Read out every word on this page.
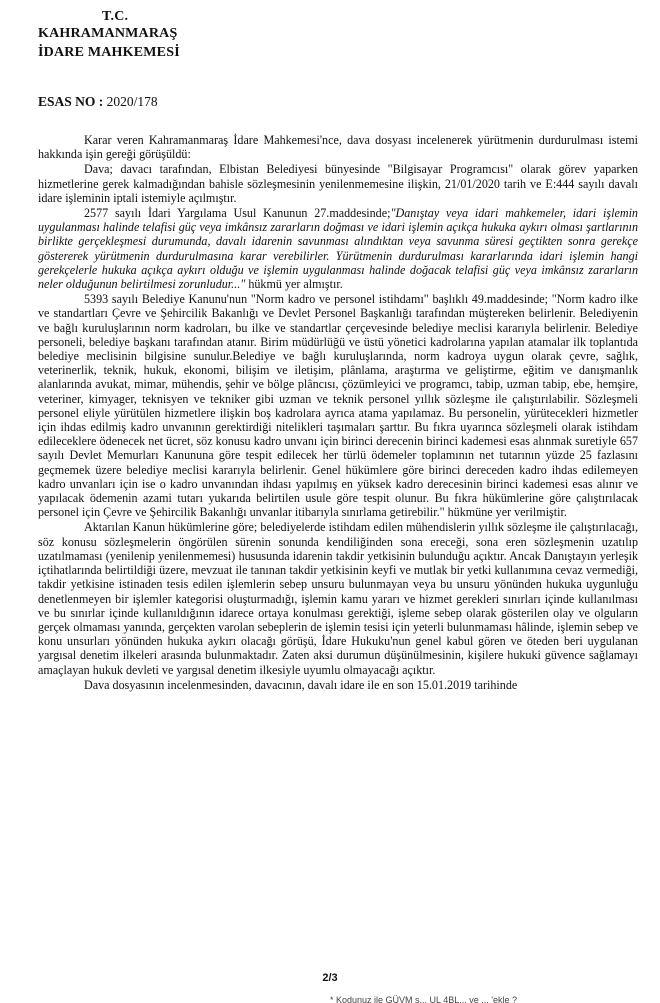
T.C.
KAHRAMANMARAŞ
İDARE MAHKEMESİ
ESAS NO : 2020/178

Karar veren Kahramanmaraş İdare Mahkemesi'nce, dava dosyası incelenerek yürütmenin durdurulması istemi hakkında işin gereği görüşüldü:

Dava; davacı tarafından, Elbistan Belediyesi bünyesinde "Bilgisayar Programcısı" olarak görev yaparken hizmetlerine gerek kalmadığından bahisle sözleşmesinin yenilenmemesine ilişkin, 21/01/2020 tarih ve E:444 sayılı davalı idare işleminin iptali istemiyle açılmıştır.

2577 sayılı İdari Yargılama Usul Kanunun 27.maddesinde;"Danıştay veya idari mahkemeler, idari işlemin uygulanması halinde telafisi güç veya imkânsız zararların doğması ve idari işlemin açıkça hukuka aykırı olması şartlarının birlikte gerçekleşmesi durumunda, davalı idarenin savunması alındıktan veya savunma süresi geçtikten sonra gerekçe göstererek yürütmenin durdurulmasına karar verebilirler. Yürütmenin durdurulması kararlarında idari işlemin hangi gerekçelerle hukuka açıkça aykırı olduğu ve işlemin uygulanması halinde doğacak telafisi güç veya imkânsız zararların neler olduğunun belirtilmesi zorunludur..." hükmü yer almıştır.

5393 sayılı Belediye Kanunu'nun "Norm kadro ve personel istihdamı" başlıklı 49.maddesinde; "Norm kadro ilke ve standartları Çevre ve Şehircilik Bakanlığı ve Devlet Personel Başkanlığı tarafından müştereken belirlenir. Belediyenin ve bağlı kuruluşlarının norm kadroları, bu ilke ve standartlar çerçevesinde belediye meclisi kararıyla belirlenir. Belediye personeli, belediye başkanı tarafından atanır. Birim müdürlüğü ve üstü yönetici kadrolarına yapılan atamalar ilk toplantıda belediye meclisinin bilgisine sunulur.Belediye ve bağlı kuruluşlarında, norm kadroya uygun olarak çevre, sağlık, veterinerlik, teknik, hukuk, ekonomi, bilişim ve iletişim, plânlama, araştırma ve geliştirme, eğitim ve danışmanlık alanlarında avukat, mimar, mühendis, şehir ve bölge plâncısı, çözümleyici ve programcı, tabip, uzman tabip, ebe, hemşire, veteriner, kimyager, teknisyen ve tekniker gibi uzman ve teknik personel yıllık sözleşme ile çalıştırılabilir. Sözleşmeli personel eliyle yürütülen hizmetlere ilişkin boş kadrolara ayrıca atama yapılamaz. Bu personelin, yürütecekleri hizmetler için ihdas edilmiş kadro unvanının gerektirdiği nitelikleri taşımaları şarttır. Bu fıkra uyarınca sözleşmeli olarak istihdam edileceklere ödenecek net ücret, söz konusu kadro unvanı için birinci derecenin birinci kademesi esas alınmak suretiyle 657 sayılı Devlet Memurları Kanununa göre tespit edilecek her türlü ödemeler toplamının net tutarının yüzde 25 fazlasını geçmemek üzere belediye meclisi kararıyla belirlenir. Genel hükümlere göre birinci dereceden kadro ihdas edilemeyen kadro unvanları için ise o kadro unvanından ihdası yapılmış en yüksek kadro derecesinin birinci kademesi esas alınır ve yapılacak ödemenin azami tutarı yukarıda belirtilen usule göre tespit olunur. Bu fıkra hükümlerine göre çalıştırılacak personel için Çevre ve Şehircilik Bakanlığı unvanlar itibarıyla sınırlama getirebilir." hükmüne yer verilmiştir.

Aktarılan Kanun hükümlerine göre; belediyelerde istihdam edilen mühendislerin yıllık sözleşme ile çalıştırılacağı, söz konusu sözleşmelerin öngörülen sürenin sonunda kendiliğinden sona ereceği, sona eren sözleşmenin uzatılıp uzatılmaması (yenilenip yenilenmemesi) hususunda idarenin takdir yetkisinin bulunduğu açıktır. Ancak Danıştayın yerleşik içtihatlarında belirtildiği üzere, mevzuat ile tanınan takdir yetkisinin keyfi ve mutlak bir yetki kullanımına cevaz vermediği, takdir yetkisine istinaden tesis edilen işlemlerin sebep unsuru bulunmayan veya bu unsuru yönünden hukuka uygunluğu denetlenmeyen bir işlemler kategorisi oluşturmadığı, işlemin kamu yararı ve hizmet gerekleri sınırları içinde kullanılması ve bu sınırlar içinde kullanıldığının idarece ortaya konulması gerektiği, işleme sebep olarak gösterilen olay ve olguların gerçek olmaması yanında, gerçekten varolan sebeplerin de işlemin tesisi için yeterli bulunmaması hâlinde, işlemin sebep ve konu unsurları yönünden hukuka aykırı olacağı görüşü, İdare Hukuku'nun genel kabul gören ve öteden beri uygulanan yargısal denetim ilkeleri arasında bulunmaktadır. Zaten aksi durumun düşünülmesinin, kişilere hukuki güvence sağlamayı amaçlayan hukuk devleti ve yargısal denetim ilkesiyle uyumlu olmayacağı açıktır.

Dava dosyasının incelenmesinden, davacının, davalı idare ile en son 15.01.2019 tarihinde

2/3
* Kodunuz ile GÜVM s... UL 4BL... ve ... 'ekle ?
